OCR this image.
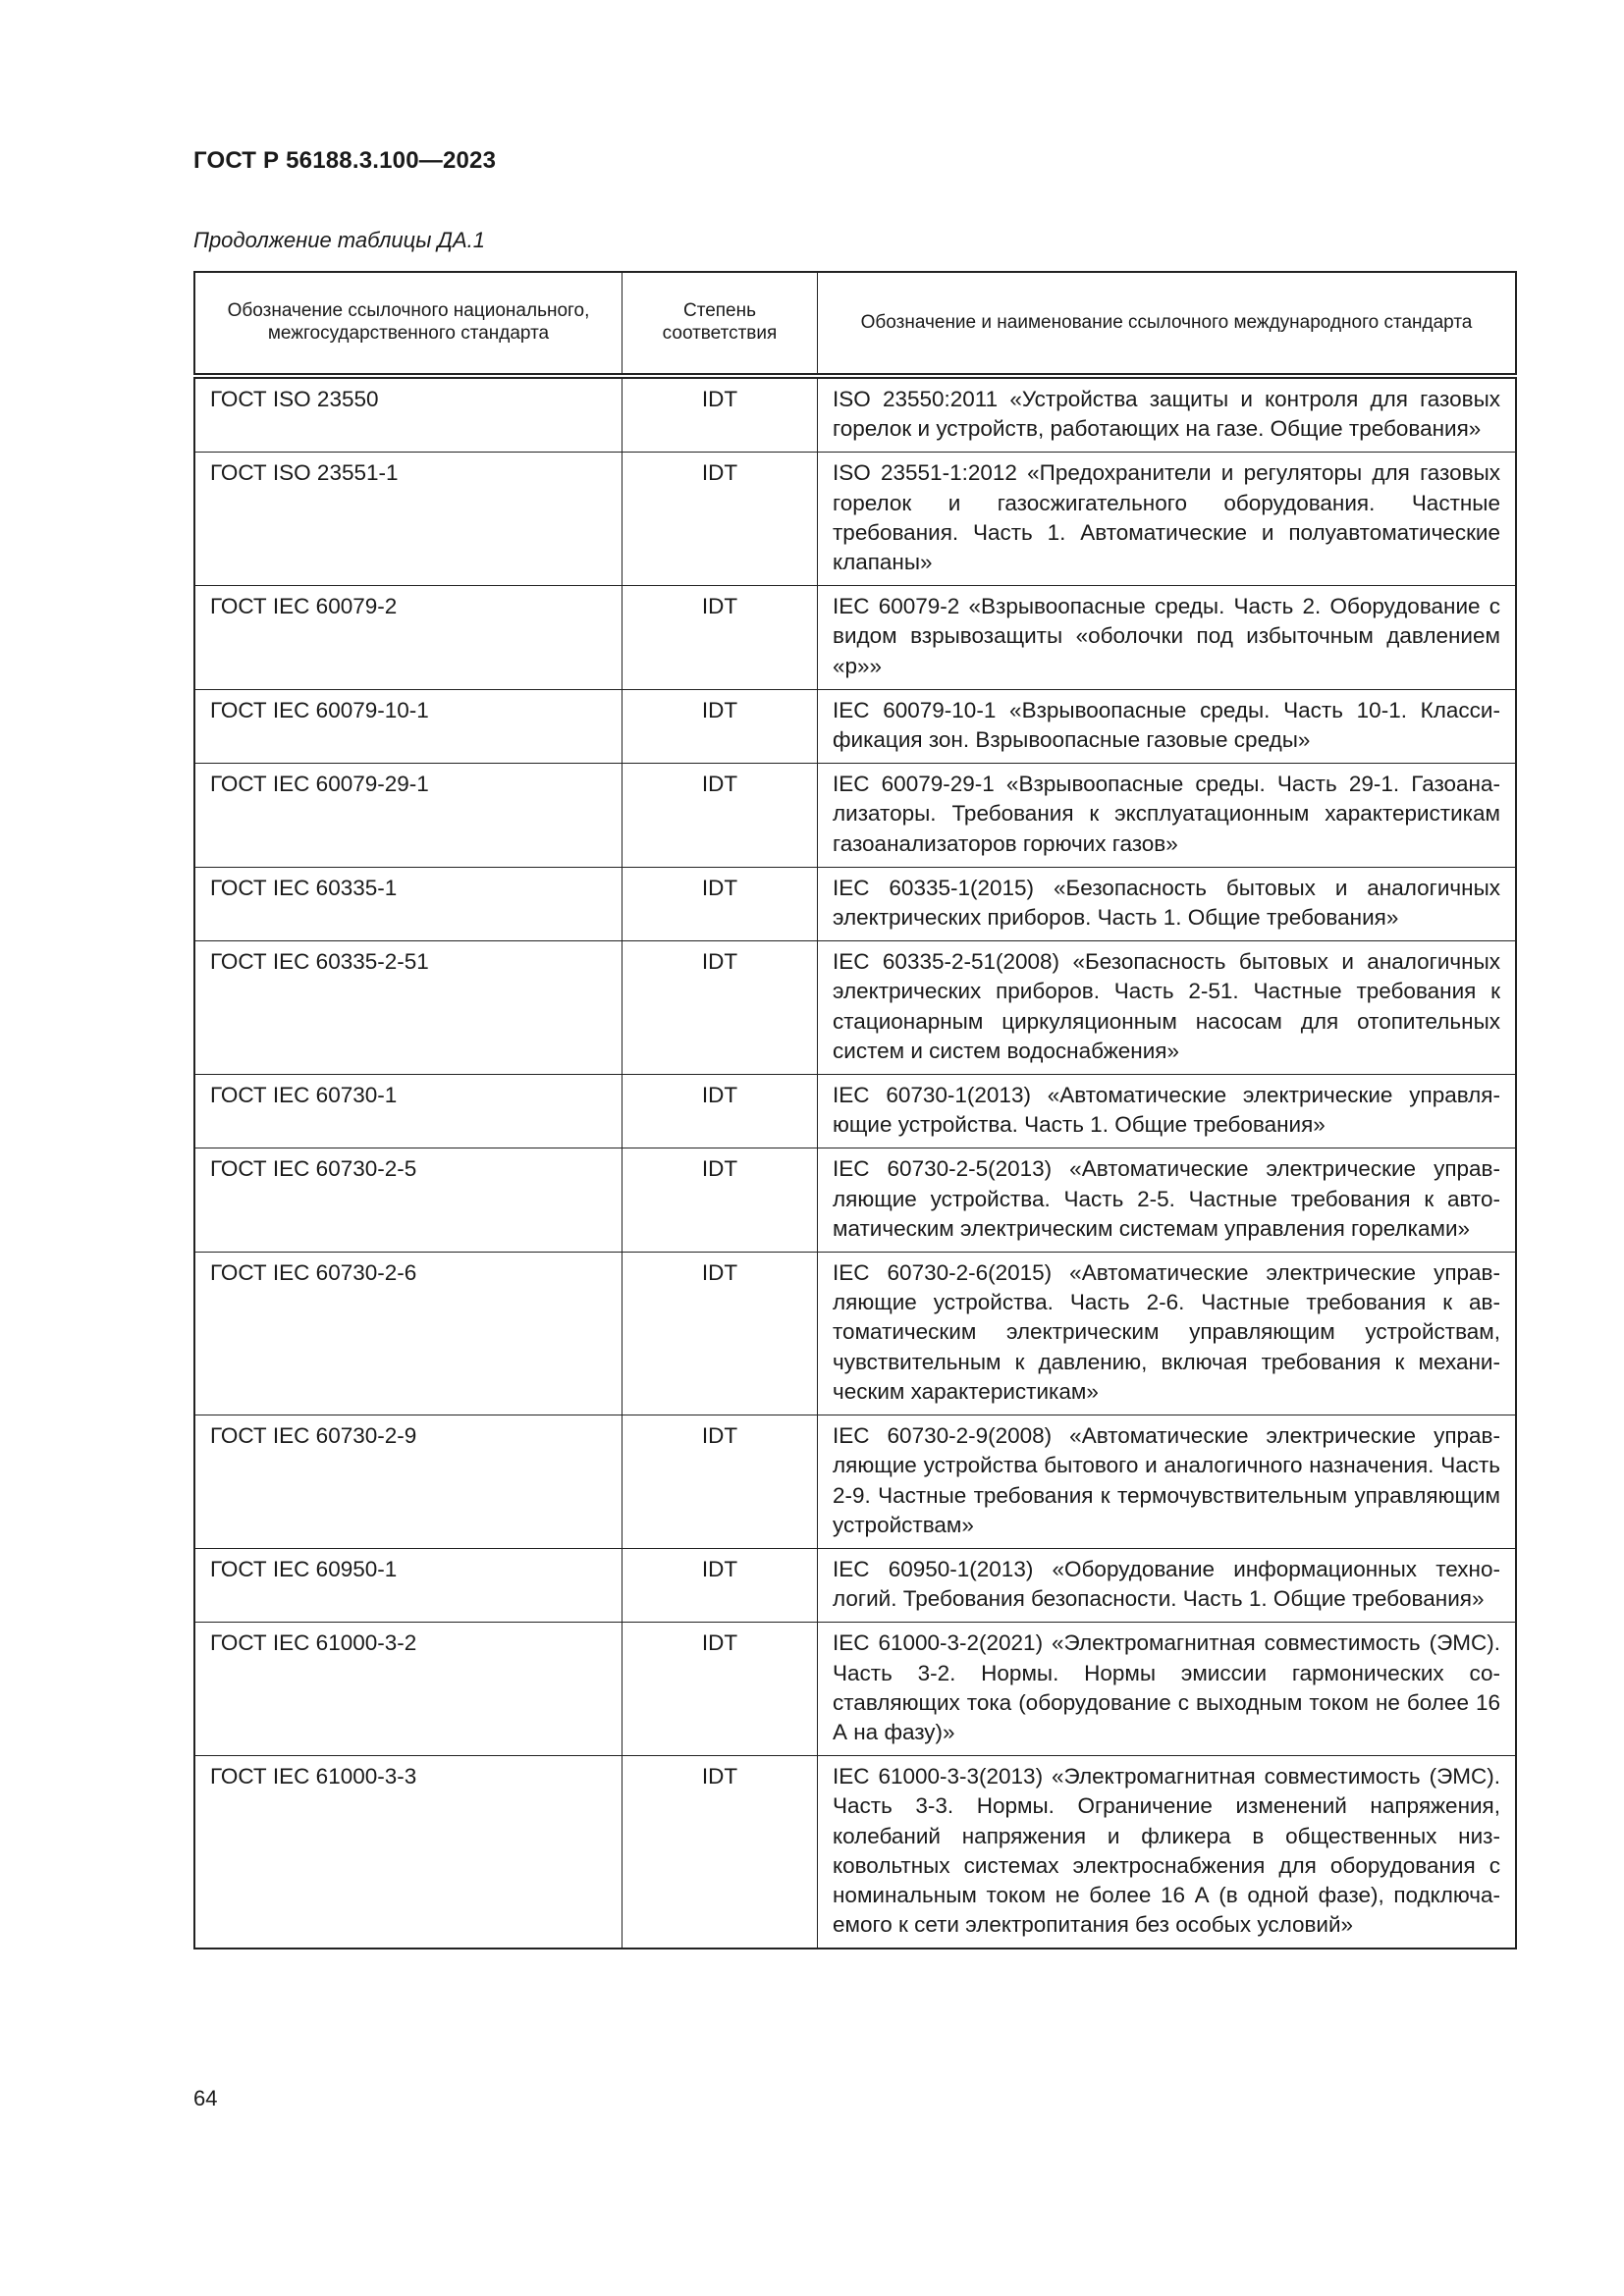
ГОСТ Р 56188.3.100—2023
Продолжение таблицы ДА.1
Обозначение ссылочного национального, межгосударственного стандарта	Степень соответствия	Обозначение и наименование ссылочного международного стандарта
ГОСТ ISO 23550	IDT	ISO 23550:2011 «Устройства защиты и контроля для газовых горелок и устройств, работающих на газе. Общие требования»
ГОСТ ISO 23551-1	IDT	ISO 23551-1:2012 «Предохранители и регуляторы для газовых горелок и газосжигательного оборудования. Частные требования. Часть 1. Автоматические и полуавтоматические клапаны»
ГОСТ IEC 60079-2	IDT	IEC 60079-2 «Взрывоопасные среды. Часть 2. Оборудование с видом взрывозащиты «оболочки под избыточным давлением «р»»
ГОСТ IEC 60079-10-1	IDT	IEC 60079-10-1 «Взрывоопасные среды. Часть 10-1. Классификация зон. Взрывоопасные газовые среды»
ГОСТ IEC 60079-29-1	IDT	IEC 60079-29-1 «Взрывоопасные среды. Часть 29-1. Газоанализаторы. Требования к эксплуатационным характеристикам газоанализаторов горючих газов»
ГОСТ IEC 60335-1	IDT	IEC 60335-1(2015) «Безопасность бытовых и аналогичных электрических приборов. Часть 1. Общие требования»
ГОСТ IEC 60335-2-51	IDT	IEC 60335-2-51(2008) «Безопасность бытовых и аналогичных электрических приборов. Часть 2-51. Частные требования к стационарным циркуляционным насосам для отопительных систем и систем водоснабжения»
ГОСТ IEC 60730-1	IDT	IEC 60730-1(2013) «Автоматические электрические управляющие устройства. Часть 1. Общие требования»
ГОСТ IEC 60730-2-5	IDT	IEC 60730-2-5(2013) «Автоматические электрические управляющие устройства. Часть 2-5. Частные требования к автоматическим электрическим системам управления горелками»
ГОСТ IEC 60730-2-6	IDT	IEC 60730-2-6(2015) «Автоматические электрические управляющие устройства. Часть 2-6. Частные требования к автоматическим электрическим управляющим устройствам, чувствительным к давлению, включая требования к механическим характеристикам»
ГОСТ IEC 60730-2-9	IDT	IEC 60730-2-9(2008) «Автоматические электрические управляющие устройства бытового и аналогичного назначения. Часть 2-9. Частные требования к термочувствительным управляющим устройствам»
ГОСТ IEC 60950-1	IDT	IEC 60950-1(2013) «Оборудование информационных технологий. Требования безопасности. Часть 1. Общие требования»
ГОСТ IEC 61000-3-2	IDT	IEC 61000-3-2(2021) «Электромагнитная совместимость (ЭМС). Часть 3-2. Нормы. Нормы эмиссии гармонических составляющих тока (оборудование с выходным током не более 16 А на фазу)»
ГОСТ IEC 61000-3-3	IDT	IEC 61000-3-3(2013) «Электромагнитная совместимость (ЭМС). Часть 3-3. Нормы. Ограничение изменений напряжения, колебаний напряжения и фликера в общественных низковольтных системах электроснабжения для оборудования с номинальным током не более 16 А (в одной фазе), подключаемого к сети электропитания без особых условий»
64
